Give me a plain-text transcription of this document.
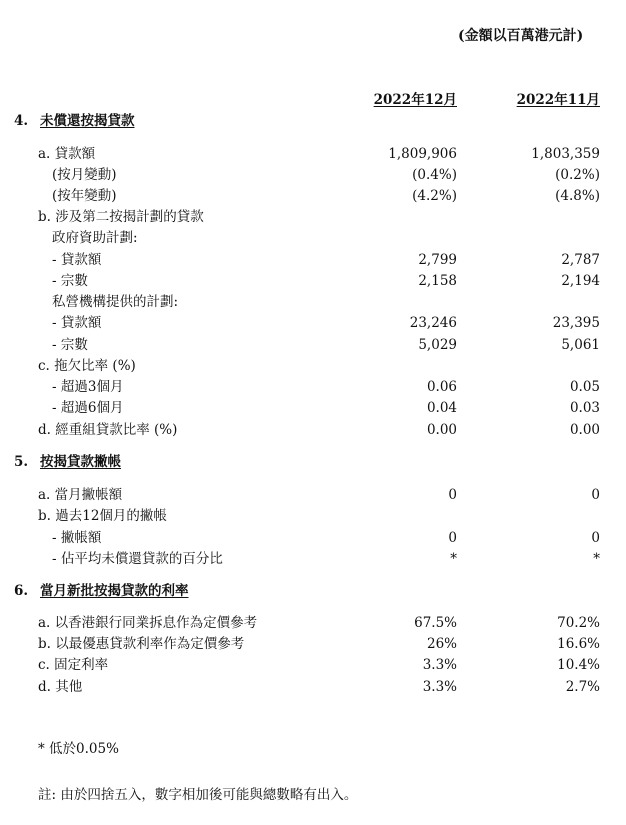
(金額以百萬港元計)
2022年12月	2022年11月
4. 未償還按揭貸款
a. 貸款額	1,809,906	1,803,359
(按月變動)	(0.4%)	(0.2%)
(按年變動)	(4.2%)	(4.8%)
b. 涉及第二按揭計劃的貸款
政府資助計劃:
- 貸款額	2,799	2,787
- 宗數	2,158	2,194
私營機構提供的計劃:
- 貸款額	23,246	23,395
- 宗數	5,029	5,061
c. 拖欠比率 (%)
- 超過3個月	0.06	0.05
- 超過6個月	0.04	0.03
d. 經重組貸款比率 (%)	0.00	0.00
5. 按揭貸款撇帳
a. 當月撇帳額	0	0
b. 過去12個月的撇帳
- 撇帳額	0	0
- 佔平均未償還貸款的百分比	*	*
6. 當月新批按揭貸款的利率
a. 以香港銀行同業拆息作為定價參考	67.5%	70.2%
b. 以最優惠貸款利率作為定價參考	26%	16.6%
c. 固定利率	3.3%	10.4%
d. 其他	3.3%	2.7%
* 低於0.05%
註: 由於四捨五入，數字相加後可能與總數略有出入。
